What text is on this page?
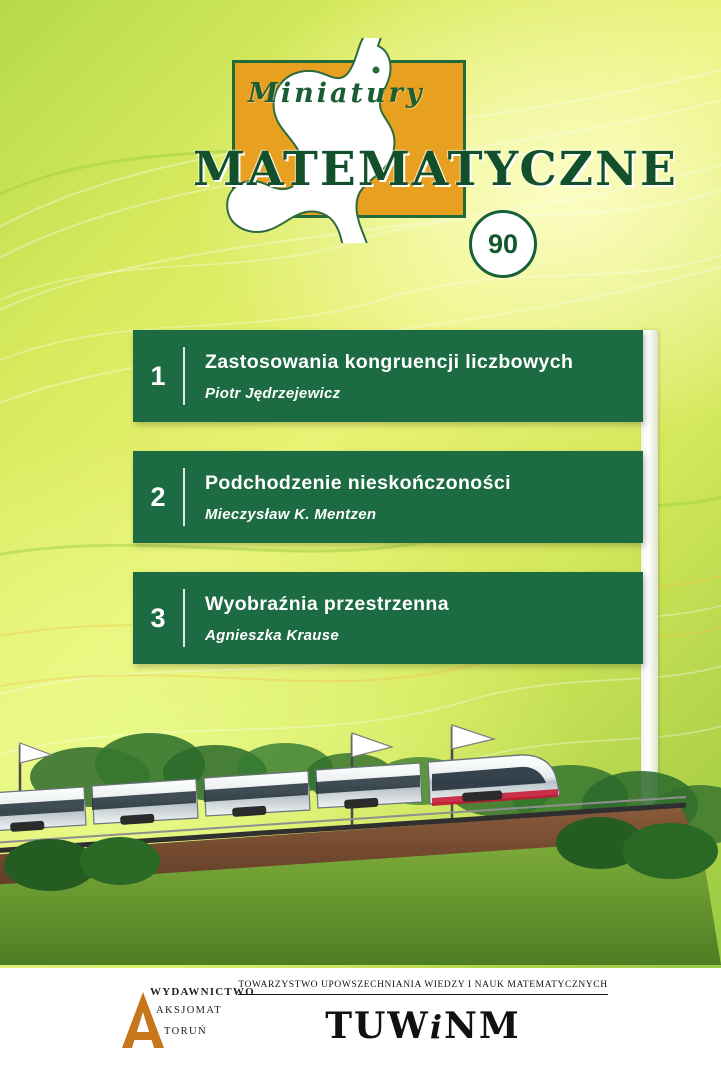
Miniatury
MATEMATYCZNE
90
1	Zastosowania kongruencji liczbowych
Piotr Jędrzejewicz
2	Podchodzenie nieskończoności
Mieczysław K. Mentzen
3	Wyobraźnia przestrzenna
Agnieszka Krause
WYDAWNICTWO
AKSJOMAT
TORUŃ
TOWARZYSTWO UPOWSZECHNIANIA WIEDZY I NAUK MATEMATYCZNYCH
TUWiNM
